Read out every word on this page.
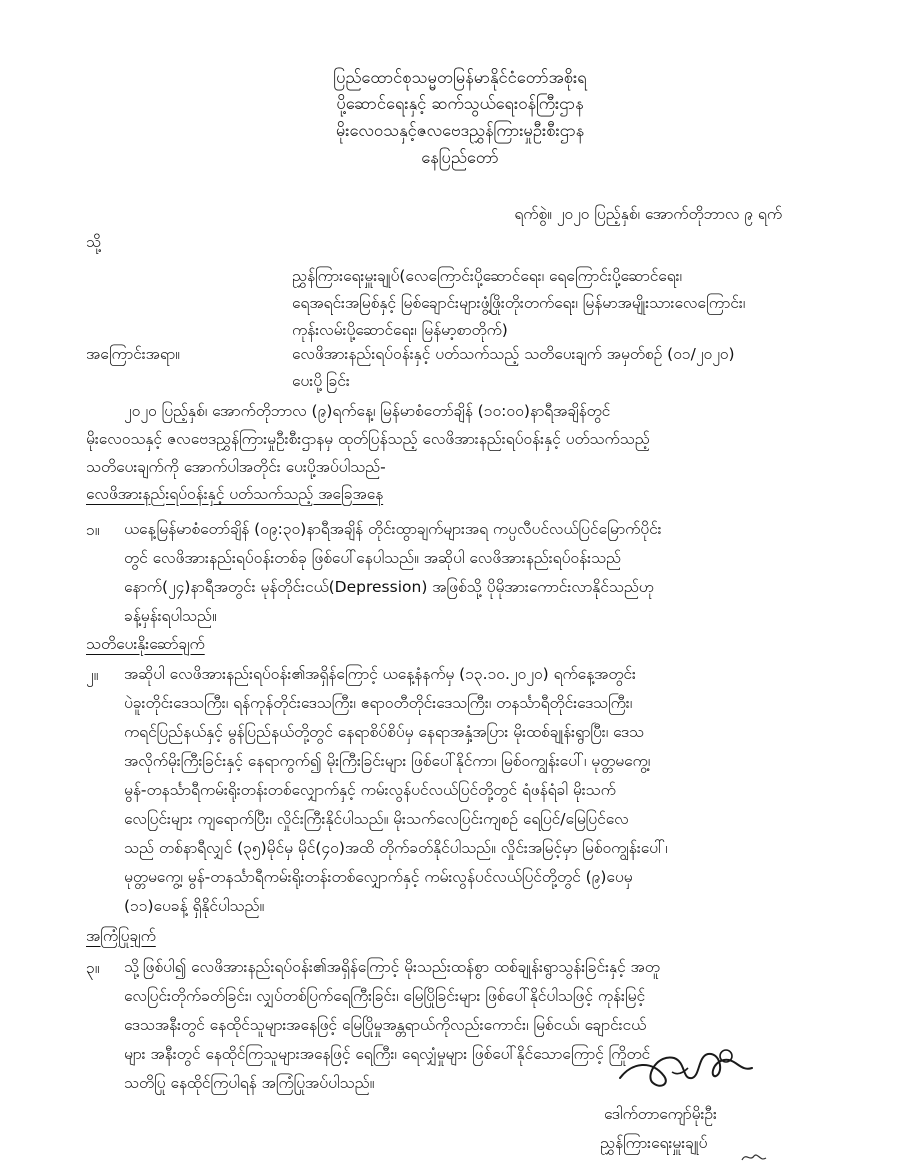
ပြည်ထောင်စုသမ္မတမြန်မာနိုင်ငံတော်အစိုးရ
ပို့ဆောင်ရေးနှင့် ဆက်သွယ်ရေးဝန်ကြီးဌာန
မိုးလေဝသနှင့်ဇလဗေဒညွှန်ကြားမှုဦးစီးဌာန
နေပြည်တော်
ရက်စွဲ။ ၂၀၂၀ ပြည့်နှစ်၊ အောက်တိုဘာလ ၉ ရက်
သို့
ညွှန်ကြားရေးမှူးချုပ်(လေကြောင်းပို့ဆောင်ရေး၊ ရေကြောင်းပို့ဆောင်ရေး၊
ရေအရင်းအမြစ်နှင့် မြစ်ချောင်းများဖွံ့ဖြိုးတိုးတက်ရေး၊ မြန်မာအမျိုးသားလေကြောင်း၊
ကုန်းလမ်းပို့ဆောင်ရေး၊ မြန်မာ့စာတိုက်)
အကြောင်းအရာ။	လေဖိအားနည်းရပ်ဝန်းနှင့် ပတ်သက်သည့် သတိပေးချက် အမှတ်စဉ် (၀၁/၂၀၂၀)
ပေးပို့ခြင်း
၂၀၂၀ ပြည့်နှစ်၊ အောက်တိုဘာလ (၉)ရက်နေ့၊ မြန်မာစံတော်ချိန် (၁၀:၀၀)နာရီအချိန်တွင်
မိုးလေဝသနှင့် ဇလဗေဒညွှန်ကြားမှုဦးစီးဌာနမှ ထုတ်ပြန်သည့် လေဖိအားနည်းရပ်ဝန်းနှင့် ပတ်သက်သည့်
သတိပေးချက်ကို အောက်ပါအတိုင်း ပေးပို့အပ်ပါသည်-
လေဖိအားနည်းရပ်ဝန်းနှင့် ပတ်သက်သည့် အခြေအနေ
၁။ ယနေ့မြန်မာစံတော်ချိန် (၀၉:၃၀)နာရီအချိန် တိုင်းထွာချက်များအရ ကပ္ပလီပင်လယ်ပြင်မြောက်ပိုင်း
တွင် လေဖိအားနည်းရပ်ဝန်းတစ်ခု ဖြစ်ပေါ်နေပါသည်။ အဆိုပါ လေဖိအားနည်းရပ်ဝန်းသည်
နောက်(၂၄)နာရီအတွင်း မုန်တိုင်းငယ်(Depression) အဖြစ်သို့ ပိုမိုအားကောင်းလာနိုင်သည်ဟု
ခန့်မှန်းရပါသည်။
သတိပေးနိုးဆော်ချက်
၂။ အဆိုပါ လေဖိအားနည်းရပ်ဝန်း၏အရှိန်ကြောင့် ယနေ့နံနက်မှ (၁၃.၁၀.၂၀၂၀) ရက်နေ့အတွင်း
ပဲခူးတိုင်းဒေသကြီး၊ ရန်ကုန်တိုင်းဒေသကြီး၊ ဧရာဝတီတိုင်းဒေသကြီး၊ တနင်္သာရီတိုင်းဒေသကြီး၊
ကရင်ပြည်နယ်နှင့် မွန်ပြည်နယ်တို့တွင် နေရာစိပ်စိပ်မှ နေရာအနှံ့အပြား မိုးထစ်ချုန်းရွာပြီး၊ ဒေသ
အလိုက်မိုးကြီးခြင်းနှင့် နေရာကွက်၍ မိုးကြီးခြင်းများ ဖြစ်ပေါ်နိုင်ကာ၊ မြစ်ဝကျွန်းပေါ်၊ မုတ္တမကွေ့၊
မွန်-တနင်္သာရီကမ်းရိုးတန်းတစ်လျှောက်နှင့် ကမ်းလွန်ပင်လယ်ပြင်တို့တွင် ရံဖန်ရံခါ မိုးသက်
လေပြင်းများ ကျရောက်ပြီး၊ လှိုင်းကြီးနိုင်ပါသည်။ မိုးသက်လေပြင်းကျစဉ် ရေပြင်/မြေပြင်လေ
သည် တစ်နာရီလျှင် (၃၅)မိုင်မှ မိုင်(၄၀)အထိ တိုက်ခတ်နိုင်ပါသည်။ လှိုင်းအမြင့်မှာ မြစ်ဝကျွန်းပေါ်၊
မုတ္တမကွေ့၊ မွန်-တနင်္သာရီကမ်းရိုးတန်းတစ်လျှောက်နှင့် ကမ်းလွန်ပင်လယ်ပြင်တို့တွင် (၉)ပေမှ
(၁၁)ပေခန့် ရှိနိုင်ပါသည်။
အကြံပြုချက်
၃။ သို့ဖြစ်ပါ၍ လေဖိအားနည်းရပ်ဝန်း၏အရှိန်ကြောင့် မိုးသည်းထန်စွာ ထစ်ချုန်းရွာသွန်းခြင်းနှင့် အတူ
လေပြင်းတိုက်ခတ်ခြင်း၊ လျှပ်တစ်ပြက်ရေကြီးခြင်း၊ မြေပြိုခြင်းများ ဖြစ်ပေါ်နိုင်ပါသဖြင့် ကုန်းမြင့်
ဒေသအနီးတွင် နေထိုင်သူများအနေဖြင့် မြေပြိုမှုအန္တရာယ်ကိုလည်းကောင်း၊ မြစ်ငယ်၊ ချောင်းငယ်
များ အနီးတွင် နေထိုင်ကြသူများအနေဖြင့် ရေကြီး၊ ရေလျှံမှုများ ဖြစ်ပေါ်နိုင်သောကြောင့် ကြိုတင်
သတိပြု နေထိုင်ကြပါရန် အကြံပြုအပ်ပါသည်။
ဒေါက်တာကျော်မိုးဦး
ညွှန်ကြားရေးမှူးချုပ်
